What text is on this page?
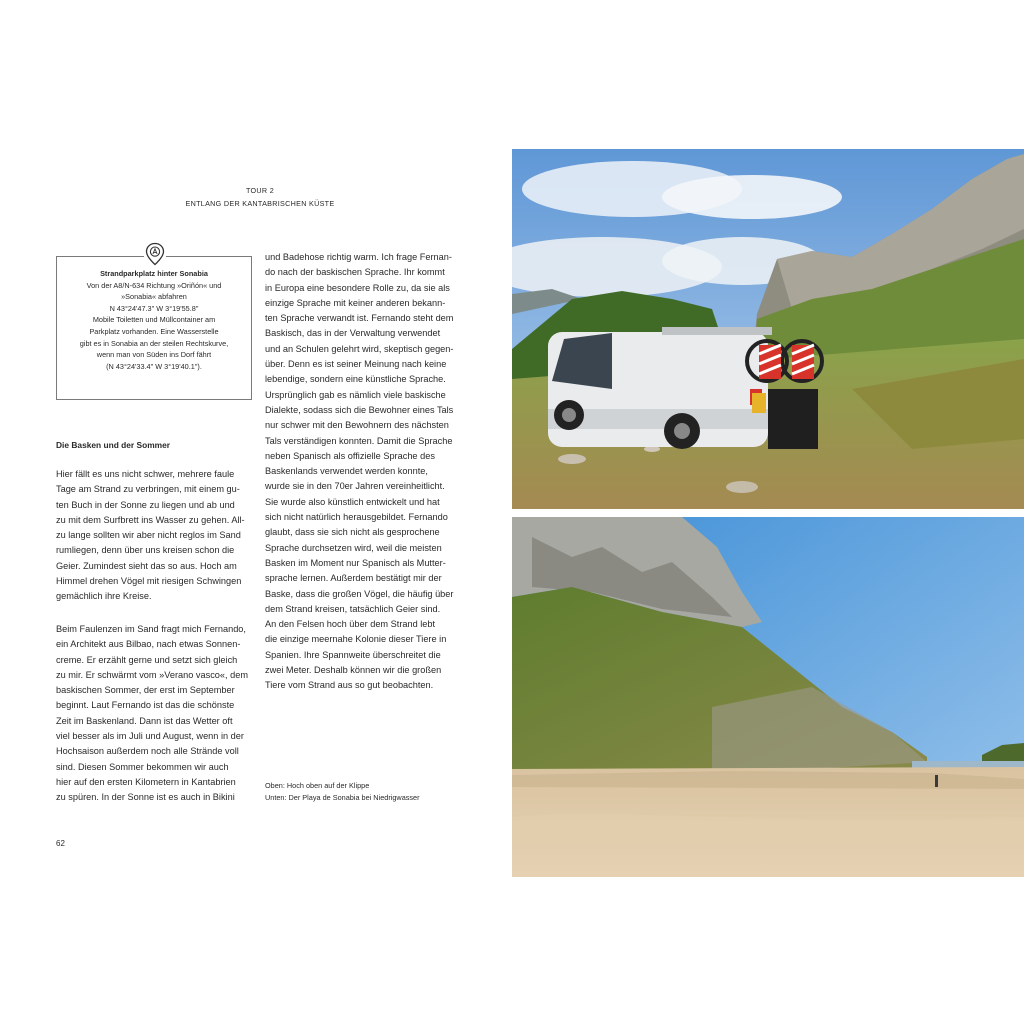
TOUR 2
ENTLANG DER KANTABRISCHEN KÜSTE
Strandparkplatz hinter Sonabia
Von der A8/N-634 Richtung »Oriñón« und
»Sonabia« abfahren
N 43°24'47.3" W 3°19'55.8"
Mobile Toiletten und Müllcontainer am
Parkplatz vorhanden. Eine Wasserstelle
gibt es in Sonabia an der steilen Rechtskurve,
wenn man von Süden ins Dorf fährt
(N 43°24'33.4" W 3°19'40.1").
Die Basken und der Sommer
Hier fällt es uns nicht schwer, mehrere faule
Tage am Strand zu verbringen, mit einem gu-
ten Buch in der Sonne zu liegen und ab und
zu mit dem Surfbrett ins Wasser zu gehen. All-
zu lange sollten wir aber nicht reglos im Sand
rumliegen, denn über uns kreisen schon die
Geier. Zumindest sieht das so aus. Hoch am
Himmel drehen Vögel mit riesigen Schwingen
gemächlich ihre Kreise.
Beim Faulenzen im Sand fragt mich Fernando,
ein Architekt aus Bilbao, nach etwas Sonnen-
creme. Er erzählt gerne und setzt sich gleich
zu mir. Er schwärmt vom »Verano vasco«, dem
baskischen Sommer, der erst im September
beginnt. Laut Fernando ist das die schönste
Zeit im Baskenland. Dann ist das Wetter oft
viel besser als im Juli und August, wenn in der
Hochsaison außerdem noch alle Strände voll
sind. Diesen Sommer bekommen wir auch
hier auf den ersten Kilometern in Kantabrien
zu spüren. In der Sonne ist es auch in Bikini
und Badehose richtig warm. Ich frage Fernan-
do nach der baskischen Sprache. Ihr kommt
in Europa eine besondere Rolle zu, da sie als
einzige Sprache mit keiner anderen bekann-
ten Sprache verwandt ist. Fernando steht dem
Baskisch, das in der Verwaltung verwendet
und an Schulen gelehrt wird, skeptisch gegen-
über. Denn es ist seiner Meinung nach keine
lebendige, sondern eine künstliche Sprache.
Ursprünglich gab es nämlich viele baskische
Dialekte, sodass sich die Bewohner eines Tals
nur schwer mit den Bewohnern des nächsten
Tals verständigen konnten. Damit die Sprache
neben Spanisch als offizielle Sprache des
Baskenlands verwendet werden konnte,
wurde sie in den 70er Jahren vereinheitlicht.
Sie wurde also künstlich entwickelt und hat
sich nicht natürlich herausgebildet. Fernando
glaubt, dass sie sich nicht als gesprochene
Sprache durchsetzen wird, weil die meisten
Basken im Moment nur Spanisch als Mutter-
sprache lernen. Außerdem bestätigt mir der
Baske, dass die großen Vögel, die häufig über
dem Strand kreisen, tatsächlich Geier sind.
An den Felsen hoch über dem Strand lebt
die einzige meernahe Kolonie dieser Tiere in
Spanien. Ihre Spannweite überschreitet die
zwei Meter. Deshalb können wir die großen
Tiere vom Strand aus so gut beobachten.
Oben: Hoch oben auf der Klippe
Unten: Der Playa de Sonabia bei Niedrigwasser
62
